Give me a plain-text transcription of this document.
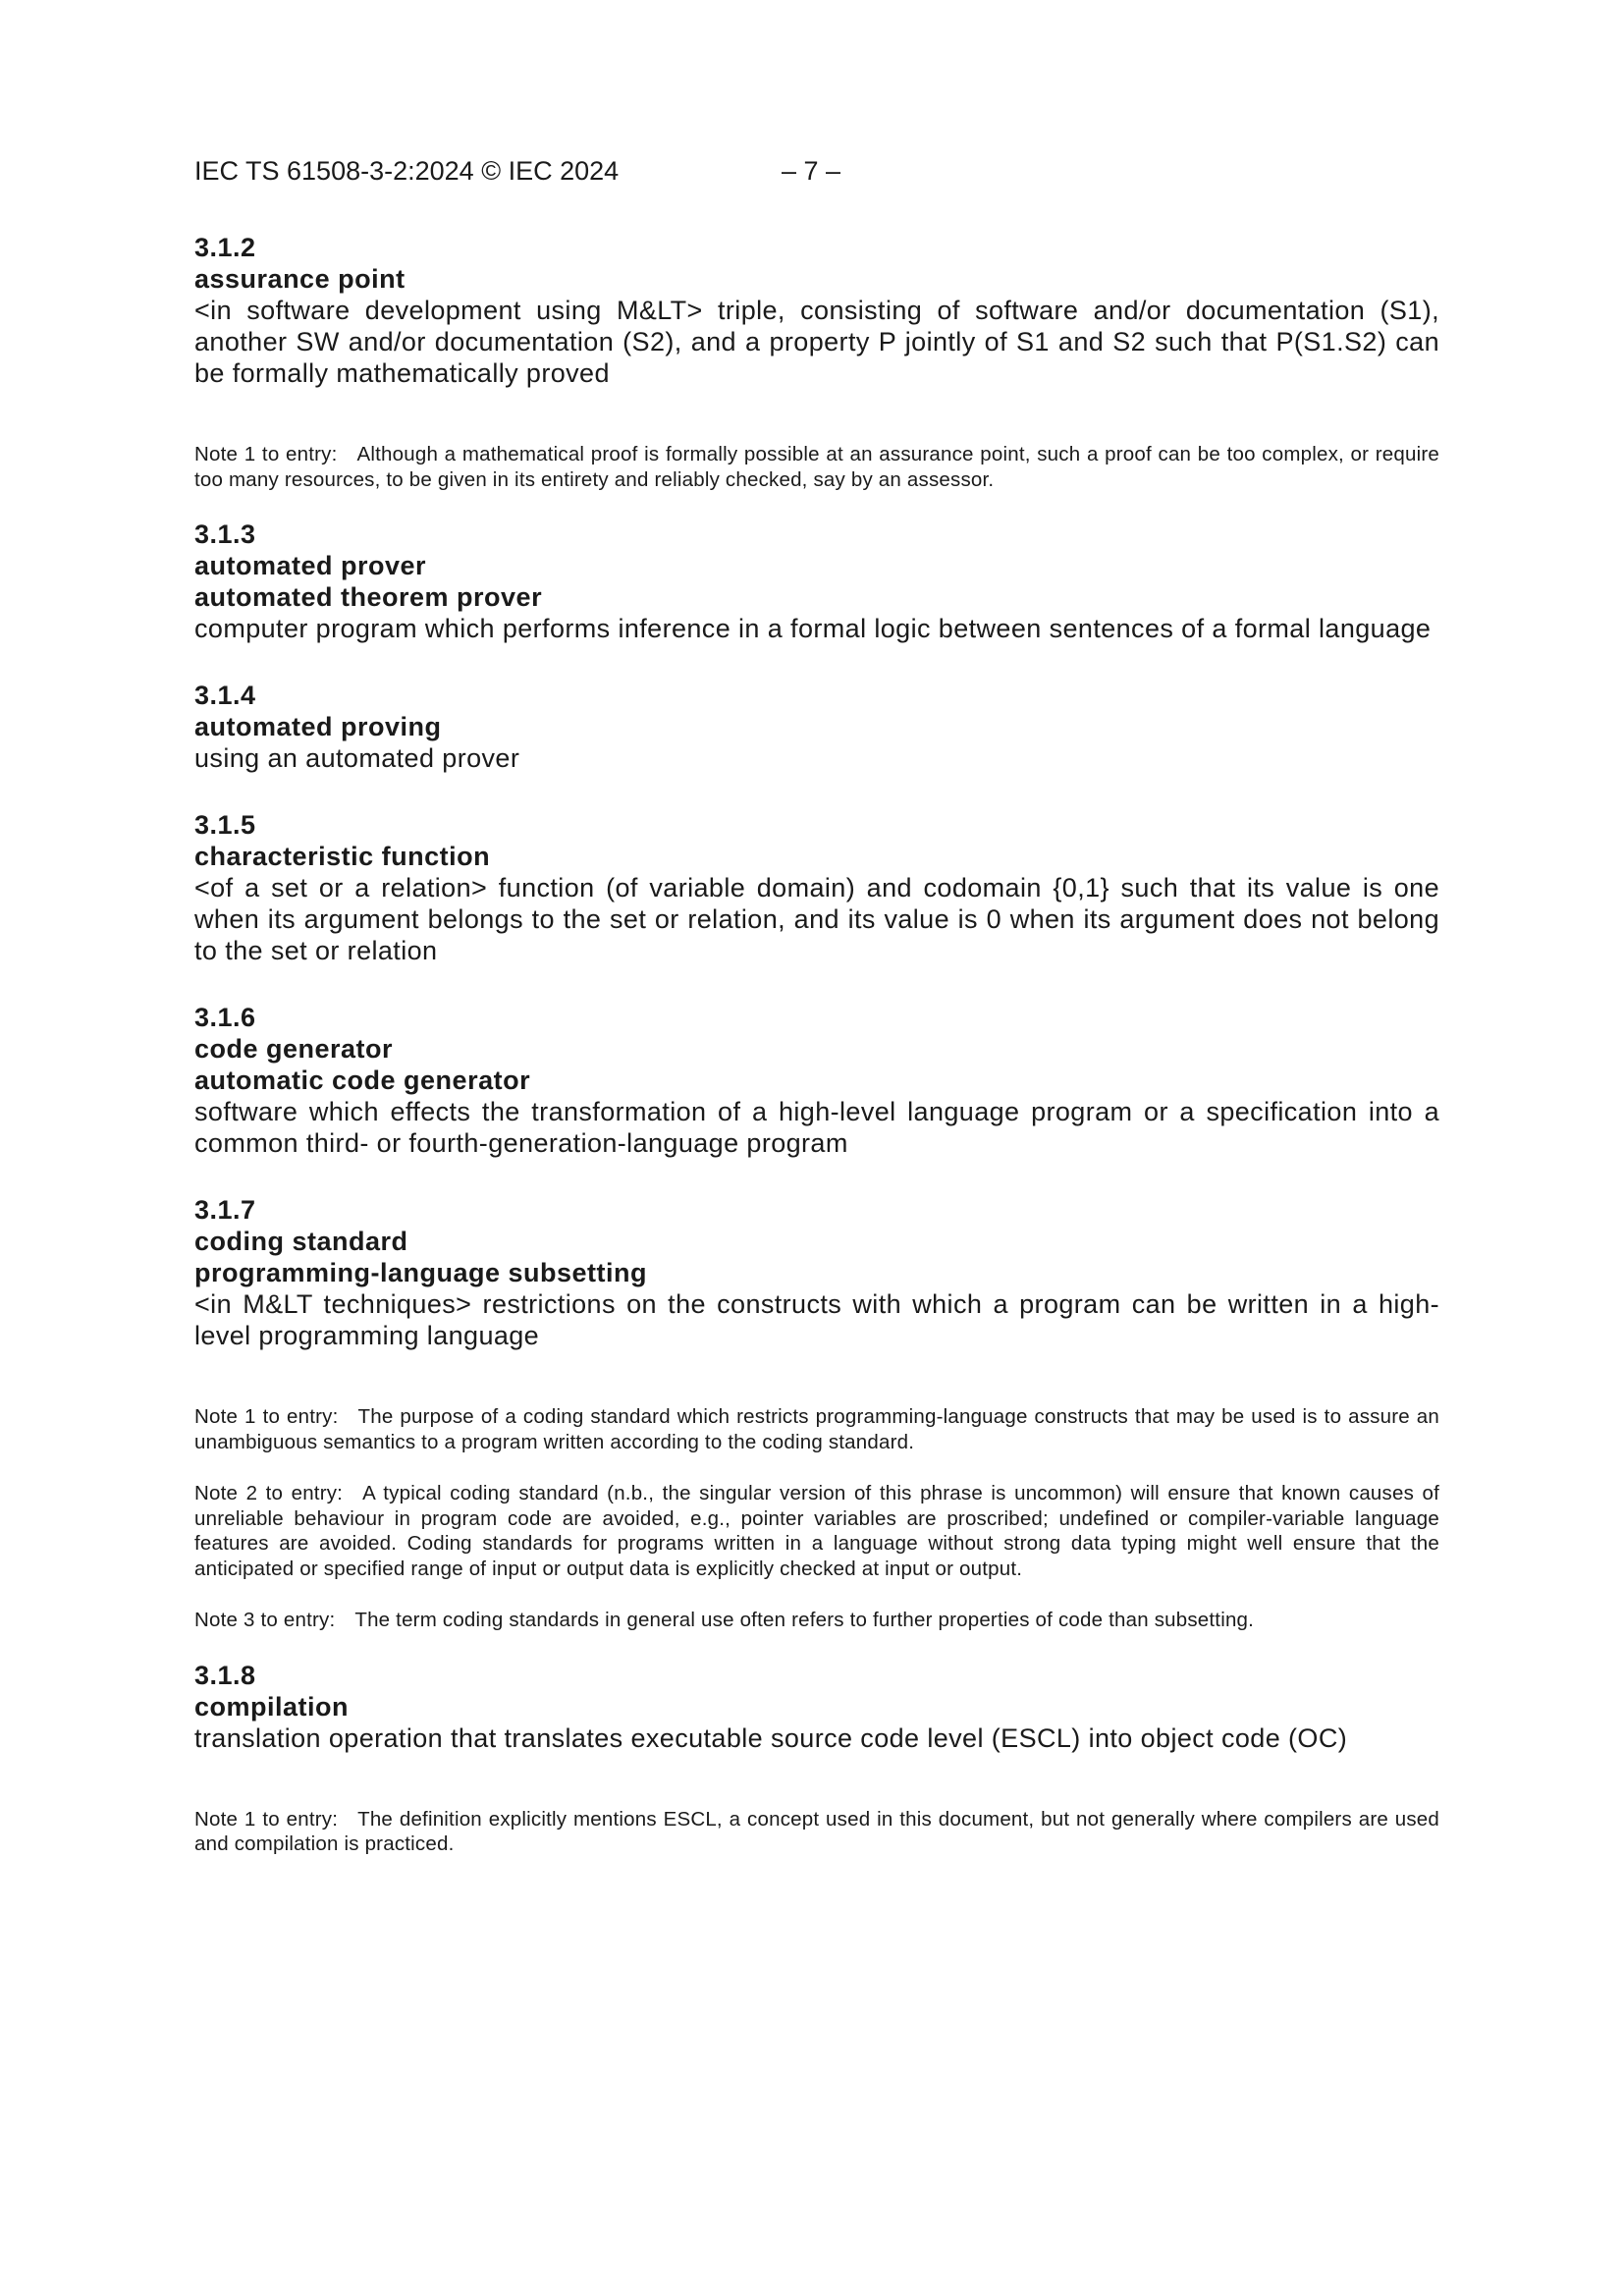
IEC TS 61508-3-2:2024 © IEC 2024	– 7 –

3.1.2

assurance point

<in software development using M&LT> triple, consisting of software and/or documentation (S1), another SW and/or documentation (S2), and a property P jointly of S1 and S2 such that P(S1.S2) can be formally mathematically proved

Note 1 to entry: Although a mathematical proof is formally possible at an assurance point, such a proof can be too complex, or require too many resources, to be given in its entirety and reliably checked, say by an assessor.

3.1.3

automated prover

automated theorem prover

computer program which performs inference in a formal logic between sentences of a formal language

3.1.4

automated proving

using an automated prover

3.1.5

characteristic function

<of a set or a relation> function (of variable domain) and codomain {0,1} such that its value is one when its argument belongs to the set or relation, and its value is 0 when its argument does not belong to the set or relation

3.1.6

code generator

automatic code generator

software which effects the transformation of a high-level language program or a specification into a common third- or fourth-generation-language program

3.1.7

coding standard

programming-language subsetting

<in M&LT techniques> restrictions on the constructs with which a program can be written in a high-level programming language

Note 1 to entry: The purpose of a coding standard which restricts programming-language constructs that may be used is to assure an unambiguous semantics to a program written according to the coding standard.

Note 2 to entry: A typical coding standard (n.b., the singular version of this phrase is uncommon) will ensure that known causes of unreliable behaviour in program code are avoided, e.g., pointer variables are proscribed; undefined or compiler-variable language features are avoided. Coding standards for programs written in a language without strong data typing might well ensure that the anticipated or specified range of input or output data is explicitly checked at input or output.

Note 3 to entry: The term coding standards in general use often refers to further properties of code than subsetting.

3.1.8

compilation

translation operation that translates executable source code level (ESCL) into object code (OC)

Note 1 to entry: The definition explicitly mentions ESCL, a concept used in this document, but not generally where compilers are used and compilation is practiced.
